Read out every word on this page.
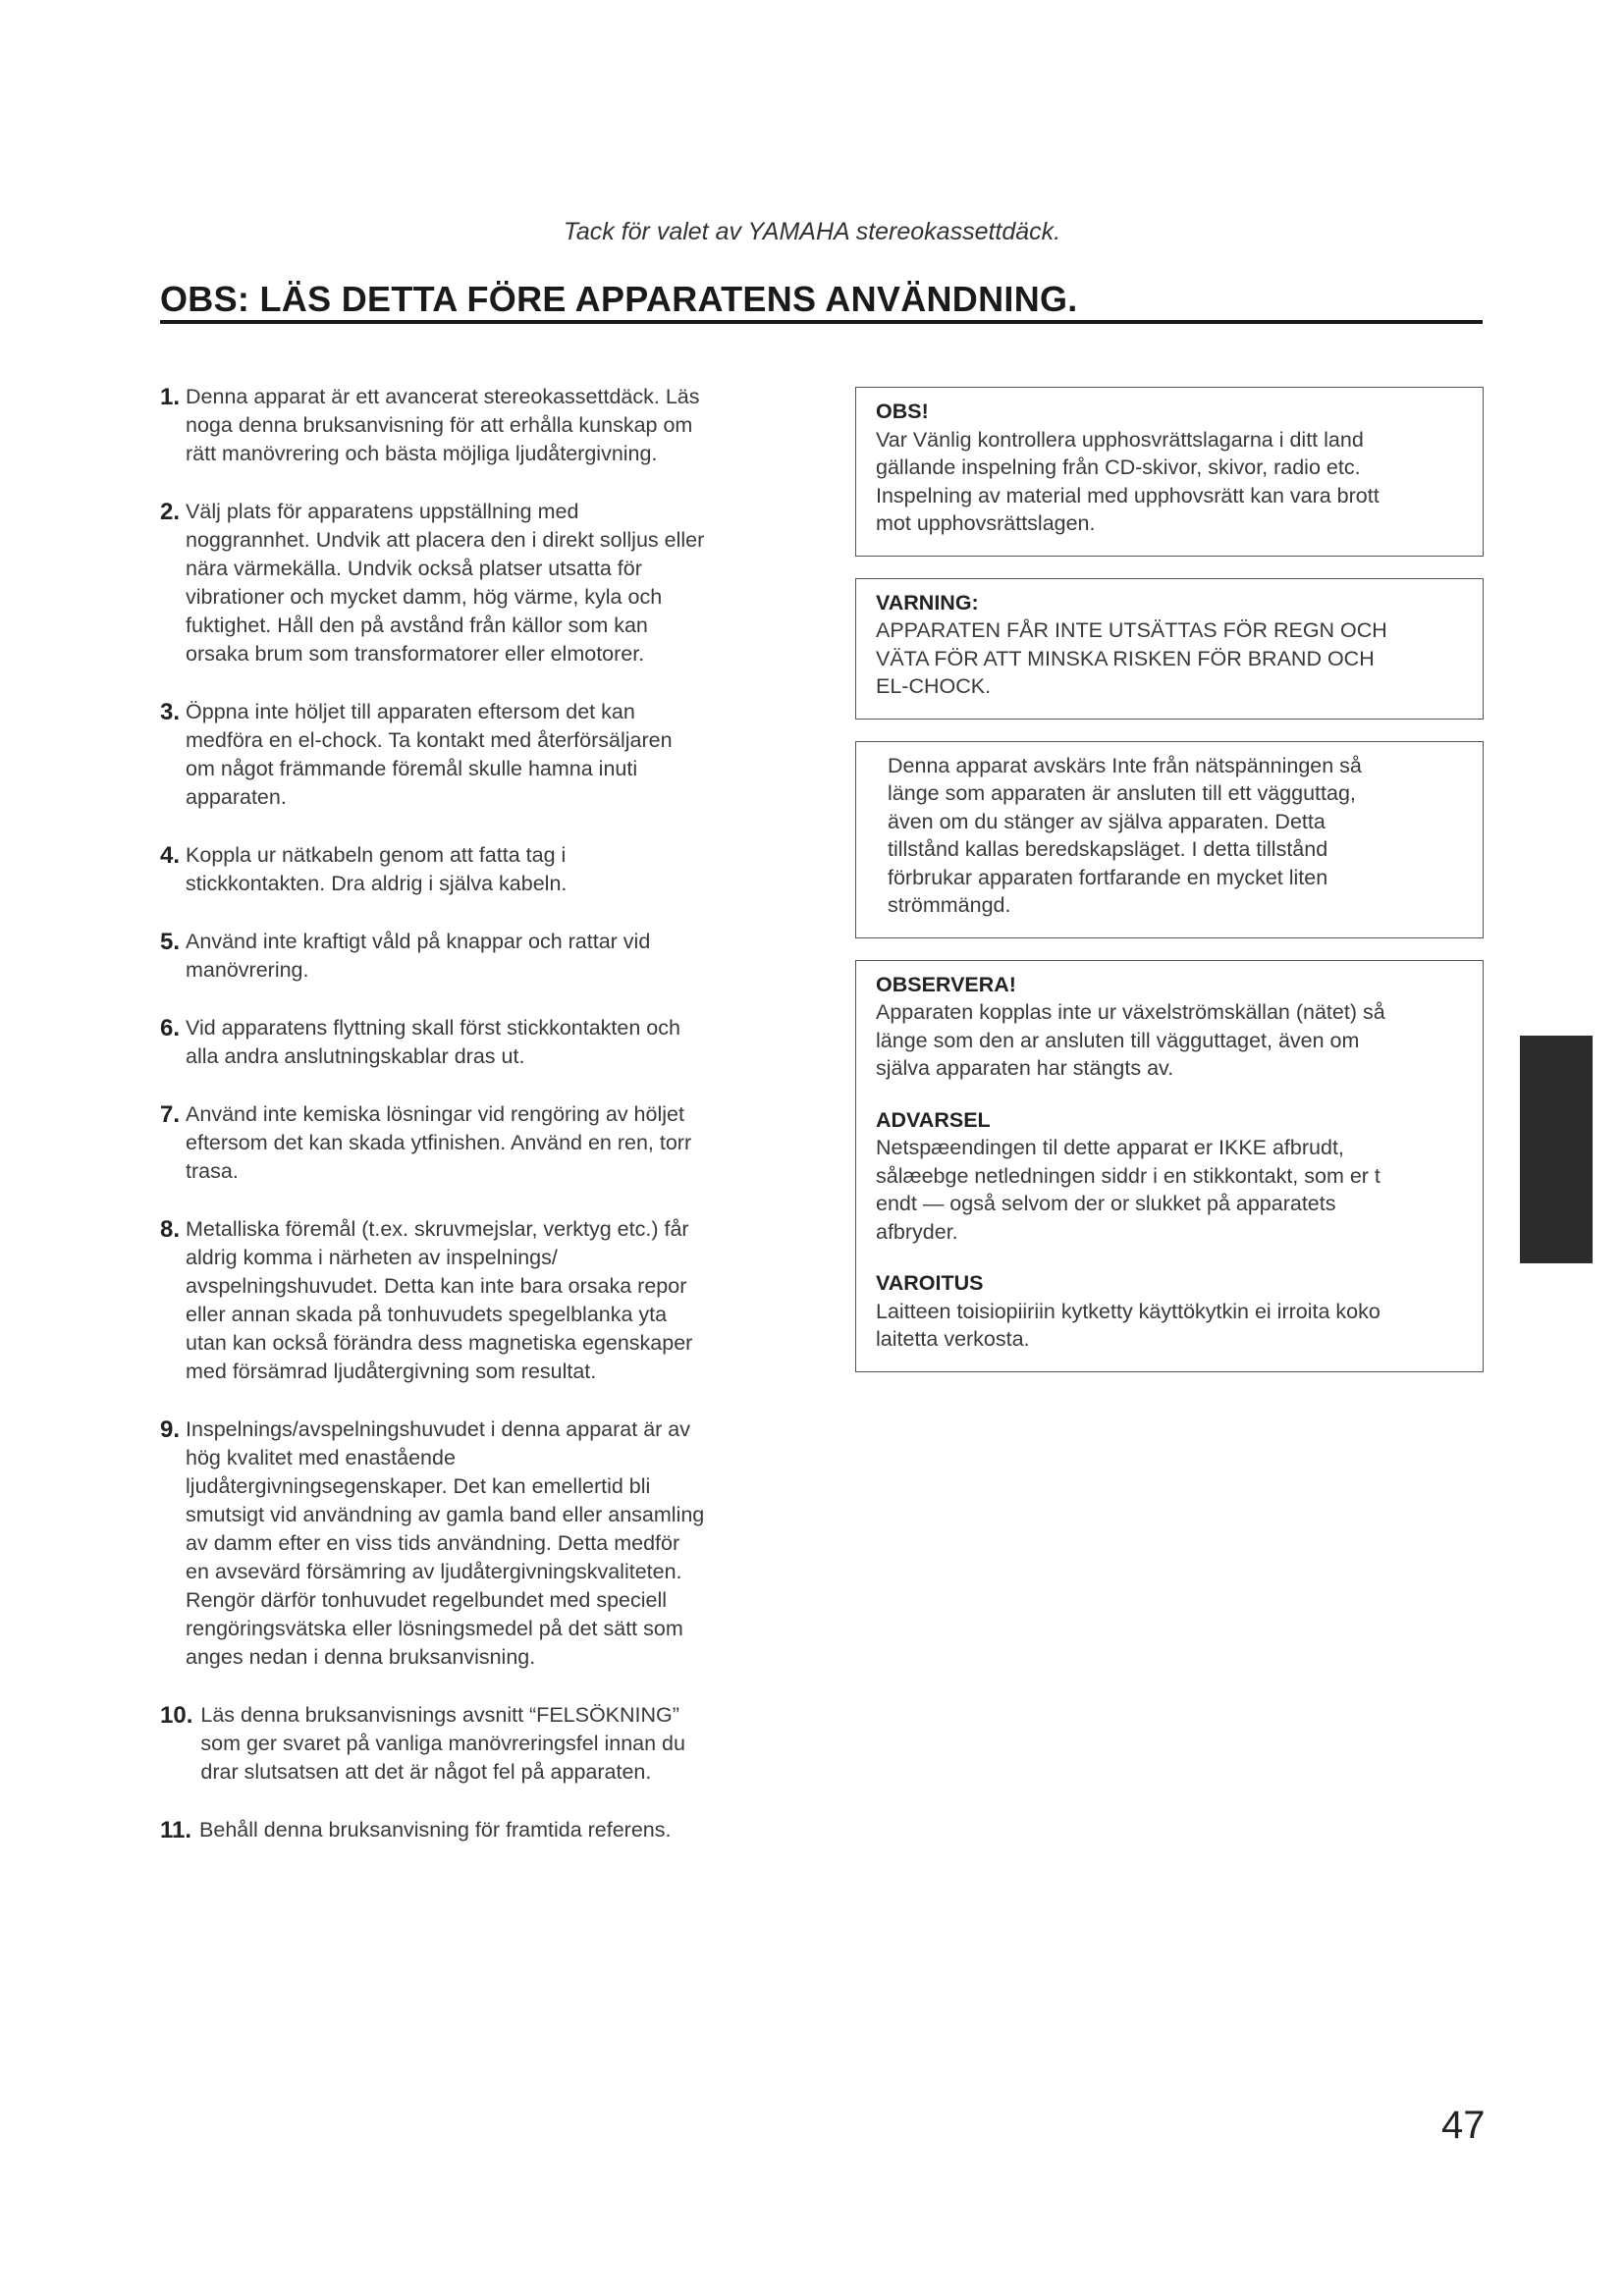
Tack för valet av YAMAHA stereokassettdäck.

OBS: LÄS DETTA FÖRE APPARATENS ANVÄNDNING.
1. Denna apparat är ett avancerat stereokassettdäck. Läs
noga denna bruksanvisning för att erhålla kunskap om
rätt manövrering och bästa möjliga ljudåtergivning.
2. Välj plats för apparatens uppställning med
noggrannhet. Undvik att placera den i direkt solljus eller
nära värmekälla. Undvik också platser utsatta för
vibrationer och mycket damm, hög värme, kyla och
fuktighet. Håll den på avstånd från källor som kan
orsaka brum som transformatorer eller elmotorer.
3. Öppna inte höljet till apparaten eftersom det kan
medföra en el-chock. Ta kontakt med återförsäljaren
om något främmande föremål skulle hamna inuti
apparaten.
4. Koppla ur nätkabeln genom att fatta tag i
stickkontakten. Dra aldrig i själva kabeln.
5. Använd inte kraftigt våld på knappar och rattar vid
manövrering.
6. Vid apparatens flyttning skall först stickkontakten och
alla andra anslutningskablar dras ut.
7. Använd inte kemiska lösningar vid rengöring av höljet
eftersom det kan skada ytfinishen. Använd en ren, torr
trasa.
8. Metalliska föremål (t.ex. skruvmejslar, verktyg etc.) får
aldrig komma i närheten av inspelnings/
avspelningshuvudet. Detta kan inte bara orsaka repor
eller annan skada på tonhuvudets spegelblanka yta
utan kan också förändra dess magnetiska egenskaper
med försämrad ljudåtergivning som resultat.
9. Inspelnings/avspelningshuvudet i denna apparat är av
hög kvalitet med enastående
ljudåtergivningsegenskaper. Det kan emellertid bli
smutsigt vid användning av gamla band eller ansamling
av damm efter en viss tids användning. Detta medför
en avsevärd försämring av ljudåtergivningskvaliteten.
Rengör därför tonhuvudet regelbundet med speciell
rengöringsvätska eller lösningsmedel på det sätt som
anges nedan i denna bruksanvisning.
10. Läs denna bruksanvisnings avsnitt “FELSÖKNING”
som ger svaret på vanliga manövreringsfel innan du
drar slutsatsen att det är något fel på apparaten.
11. Behåll denna bruksanvisning för framtida referens.
OBS!
Var Vänlig kontrollera upphosvrättslagarna i ditt land
gällande inspelning från CD-skivor, skivor, radio etc.
Inspelning av material med upphovsrätt kan vara brott
mot upphovsrättslagen.
VARNING:
APPARATEN FÅR INTE UTSÄTTAS FÖR REGN OCH
VÄTA FÖR ATT MINSKA RISKEN FÖR BRAND OCH
EL-CHOCK.
Denna apparat avskärs Inte från nätspänningen så
länge som apparaten är ansluten till ett vägguttag,
även om du stänger av själva apparaten. Detta
tillstånd kallas beredskapsläget. I detta tillstånd
förbrukar apparaten fortfarande en mycket liten
strömmängd.
OBSERVERA!
Apparaten kopplas inte ur växelströmskällan (nätet) så
länge som den ar ansluten till vägguttaget, även om
själva apparaten har stängts av.
ADVARSEL
Netspæendingen til dette apparat er IKKE afbrudt,
sålæebge netledningen siddr i en stikkontakt, som er t
endt — også selvom der or slukket på apparatets
afbryder.
VAROITUS
Laitteen toisiopiiriin kytketty käyttökytkin ei irroita koko
laitetta verkosta.

47
